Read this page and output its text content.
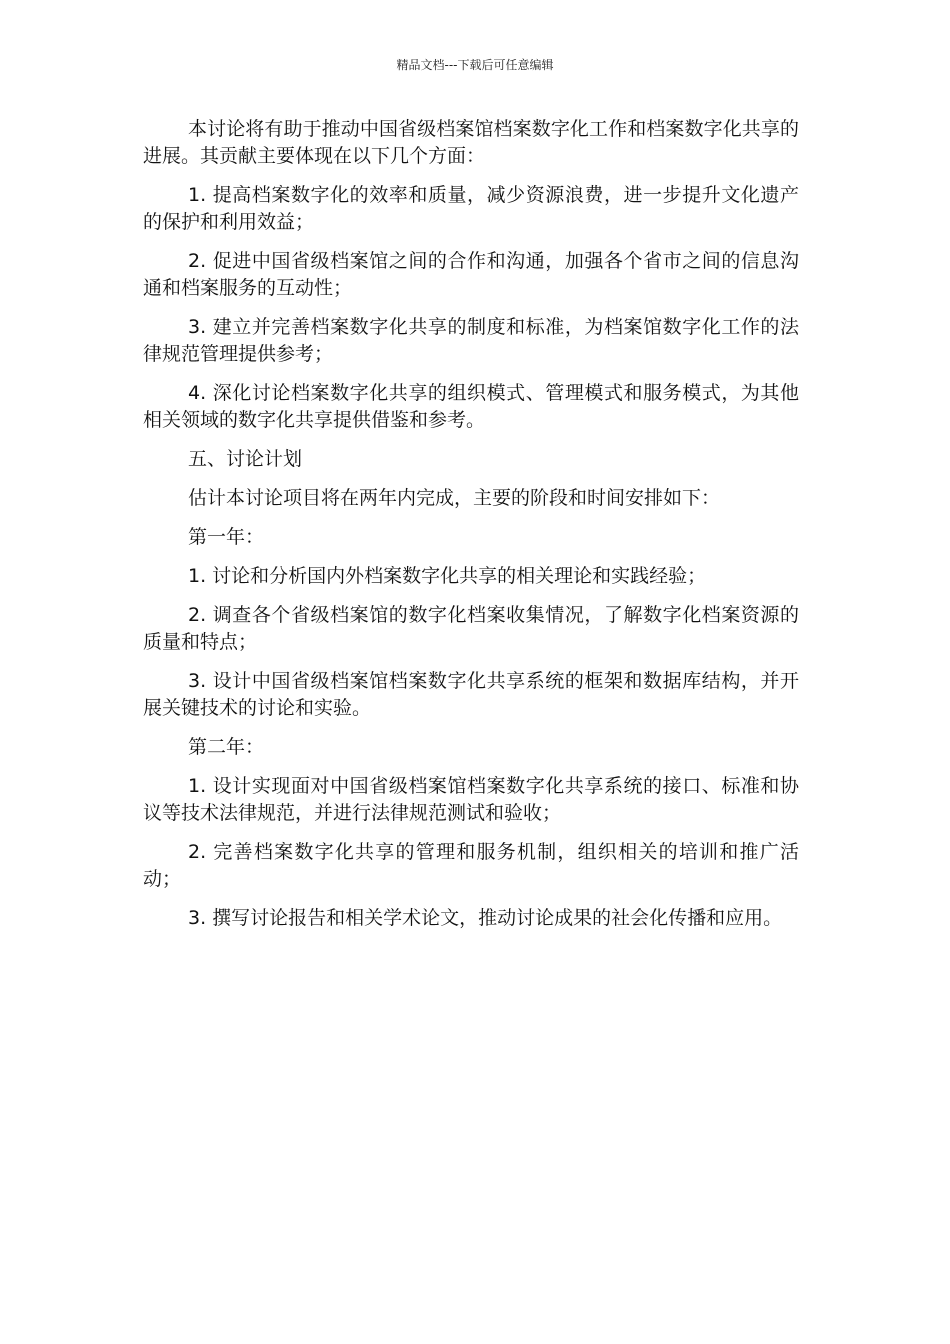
精品文档---下载后可任意编辑

本讨论将有助于推动中国省级档案馆档案数字化工作和档案数字化共享的进展。其贡献主要体现在以下几个方面：

1. 提高档案数字化的效率和质量，减少资源浪费，进一步提升文化遗产的保护和利用效益；

2. 促进中国省级档案馆之间的合作和沟通，加强各个省市之间的信息沟通和档案服务的互动性；

3. 建立并完善档案数字化共享的制度和标准，为档案馆数字化工作的法律规范管理提供参考；

4. 深化讨论档案数字化共享的组织模式、管理模式和服务模式，为其他相关领域的数字化共享提供借鉴和参考。

五、讨论计划

估计本讨论项目将在两年内完成，主要的阶段和时间安排如下：

第一年：

1. 讨论和分析国内外档案数字化共享的相关理论和实践经验；

2. 调查各个省级档案馆的数字化档案收集情况，了解数字化档案资源的质量和特点；

3. 设计中国省级档案馆档案数字化共享系统的框架和数据库结构，并开展关键技术的讨论和实验。

第二年：

1. 设计实现面对中国省级档案馆档案数字化共享系统的接口、标准和协议等技术法律规范，并进行法律规范测试和验收；

2. 完善档案数字化共享的管理和服务机制，组织相关的培训和推广活动；

3. 撰写讨论报告和相关学术论文，推动讨论成果的社会化传播和应用。
